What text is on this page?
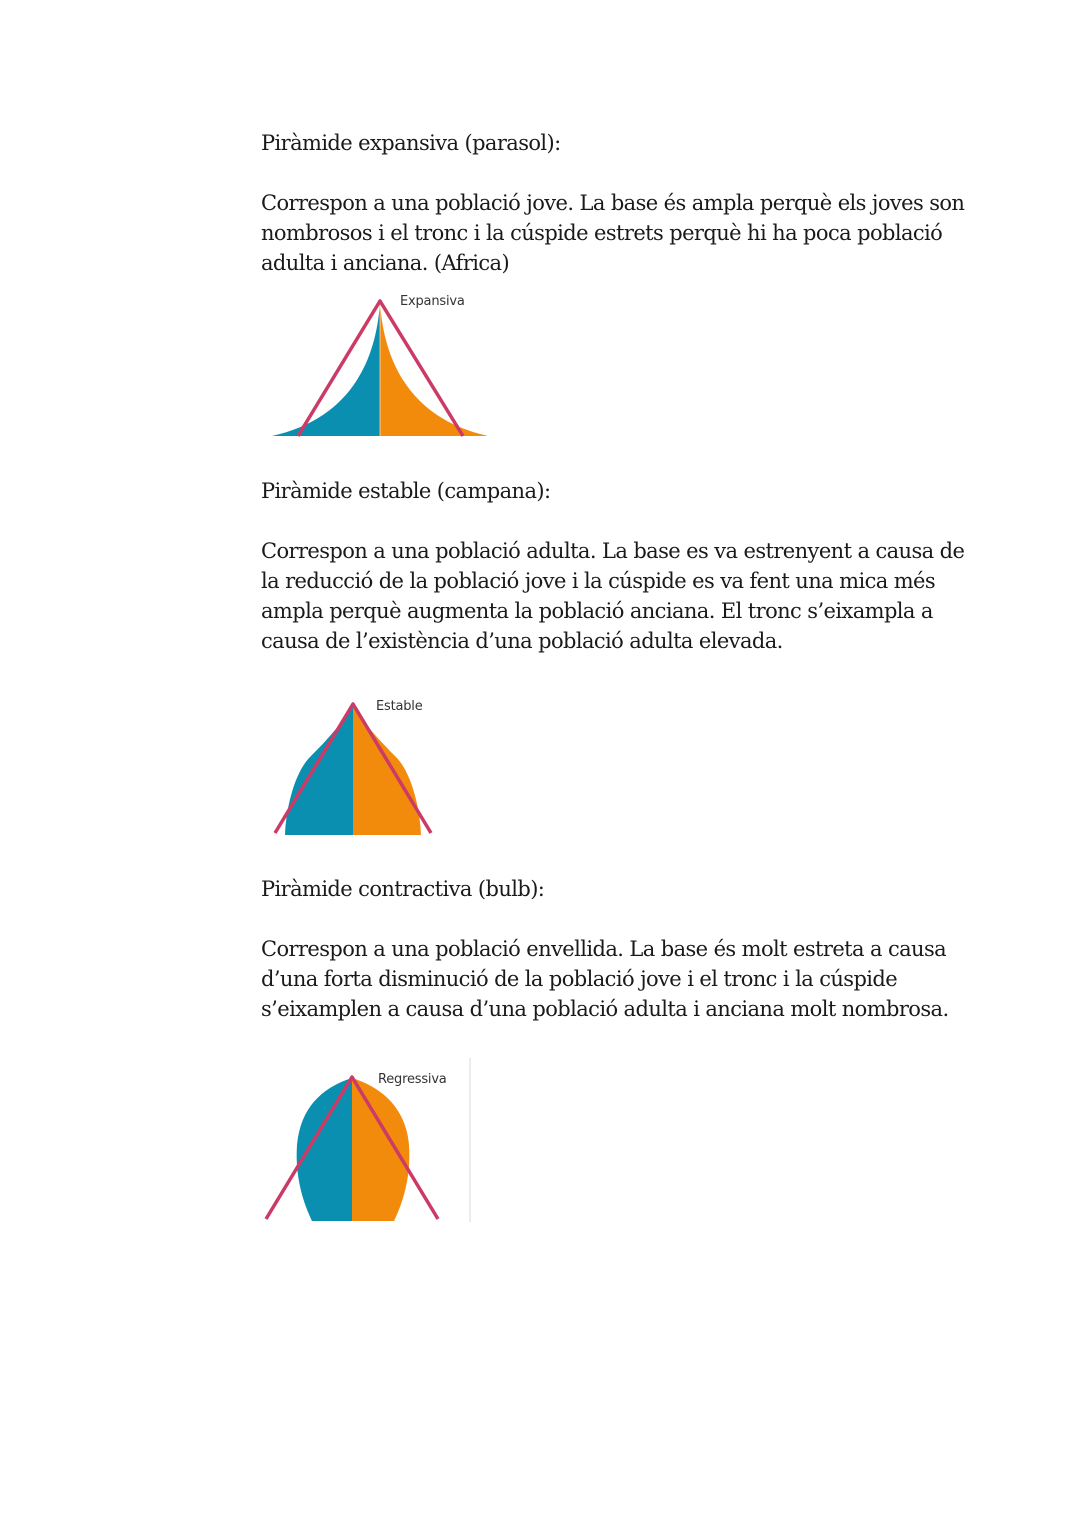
Piràmide expansiva (parasol):

Correspon a una població jove. La base és ampla perquè els joves son

nombrosos i el tronc i la cúspide estrets perquè hi ha poca població

adulta i anciana. (Africa)

Expansiva

Piràmide estable (campana):

Correspon a una població adulta. La base es va estrenyent a causa de

la reducció de la població jove i la cúspide es va fent una mica més

ampla perquè augmenta la població anciana. El tronc s’eixampla a

causa de l’existència d’una població adulta elevada.

Estable

Piràmide contractiva (bulb):

Correspon a una població envellida. La base és molt estreta a causa

d’una forta disminució de la població jove i el tronc i la cúspide

s’eixamplen a causa d’una població adulta i anciana molt nombrosa.

Regressiva
